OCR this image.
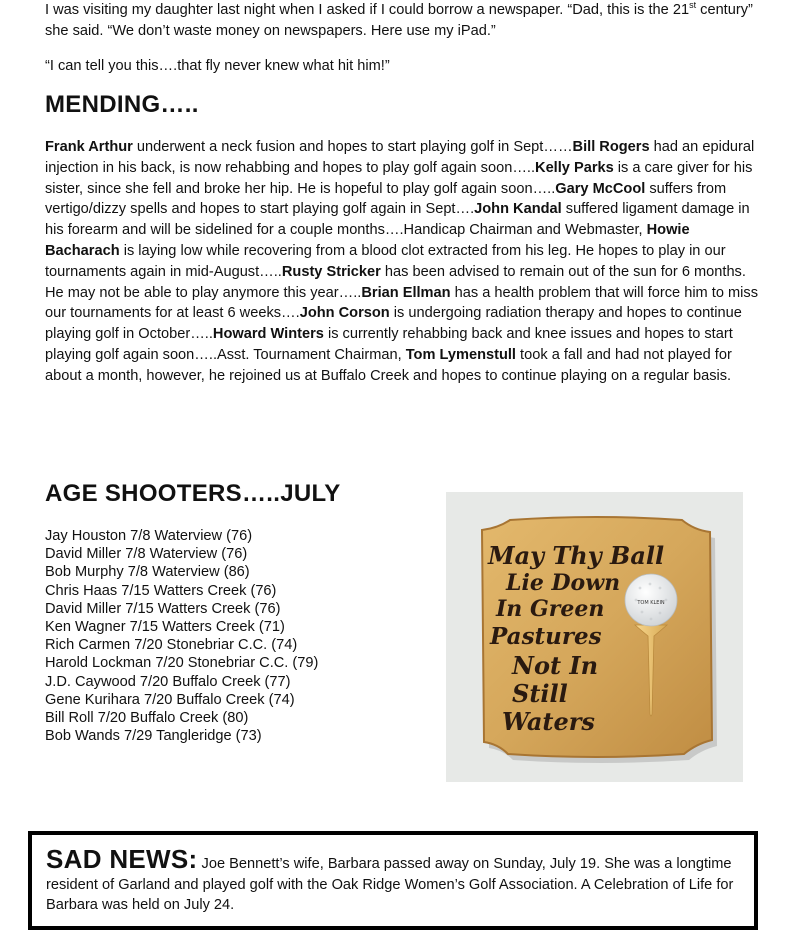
I was visiting my daughter last night when I asked if I could borrow a newspaper. “Dad, this is the 21st century” she said. “We don’t waste money on newspapers. Here use my iPad.”

“I can tell you this….that fly never knew what hit him!”

MENDING…..

Frank Arthur underwent a neck fusion and hopes to start playing golf in Sept……Bill Rogers had an epidural injection in his back, is now rehabbing and hopes to play golf again soon…..Kelly Parks is a care giver for his sister, since she fell and broke her hip. He is hopeful to play golf again soon…..Gary McCool suffers from vertigo/dizzy spells and hopes to start playing golf again in Sept….John Kandal suffered ligament damage in his forearm and will be sidelined for a couple months….Handicap Chairman and Webmaster, Howie Bacharach is laying low while recovering from a blood clot extracted from his leg. He hopes to play in our tournaments again in mid-August…..Rusty Stricker has been advised to remain out of the sun for 6 months. He may not be able to play anymore this year…..Brian Ellman has a health problem that will force him to miss our tournaments for at least 6 weeks….John Corson is undergoing radiation therapy and hopes to continue playing golf in October…..Howard Winters is currently rehabbing back and knee issues and hopes to start playing golf again soon…..Asst. Tournament Chairman, Tom Lymenstull took a fall and had not played for about a month, however, he rejoined us at Buffalo Creek and hopes to continue playing on a regular basis.

AGE SHOOTERS…..JULY
Jay Houston 7/8 Waterview (76)
David Miller 7/8 Waterview (76)
Bob Murphy 7/8 Waterview (86)
Chris Haas 7/15 Watters Creek (76)
David Miller 7/15 Watters Creek (76)
Ken Wagner 7/15 Watters Creek (71)
Rich Carmen 7/20 Stonebriar C.C. (74)
Harold Lockman 7/20 Stonebriar C.C. (79)
J.D. Caywood 7/20 Buffalo Creek (77)
Gene Kurihara 7/20 Buffalo Creek (74)
Bill Roll 7/20 Buffalo Creek (80)
Bob Wands 7/29 Tangleridge (73)
May Thy Ball
Lie Down
In Green
Pastures
Not In
Still
Waters
TOM KLEIN

SAD NEWS: Joe Bennett’s wife, Barbara passed away on Sunday, July 19. She was a longtime resident of Garland and played golf with the Oak Ridge Women’s Golf Association. A Celebration of Life for Barbara was held on July 24.
